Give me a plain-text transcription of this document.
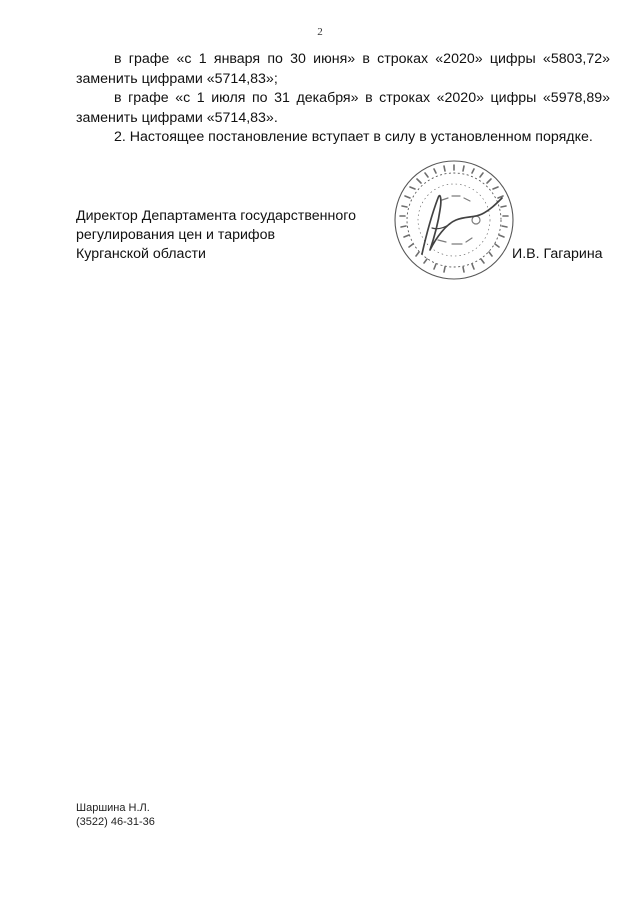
2

в графе «с 1 января по 30 июня» в строках «2020» цифры «5803,72» заменить цифрами «5714,83»;

в графе «с 1 июля по 31 декабря» в строках «2020» цифры «5978,89» заменить цифрами «5714,83».

2. Настоящее постановление вступает в силу в установленном порядке.

Директор Департамента государственного
регулирования цен и тарифов
Курганской области	И.В. Гагарина
Шаршина Н.Л.
(3522) 46-31-36
